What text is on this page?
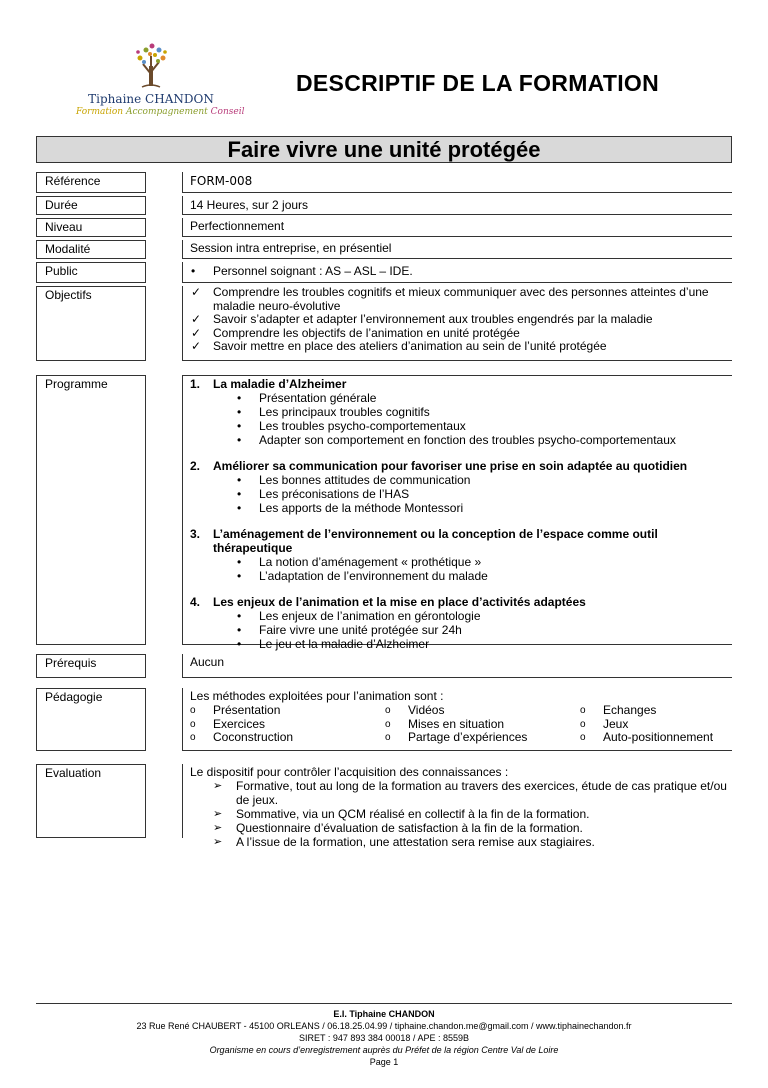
Tiphaine CHANDON
Formation Accompagnement Conseil
DESCRIPTIF DE LA FORMATION
Faire vivre une unité protégée
Référence	FORM-008
Durée	14 Heures, sur 2 jours
Niveau	Perfectionnement
Modalité	Session intra entreprise, en présentiel
Public	• Personnel soignant : AS – ASL – IDE.
Objectifs	✓ Comprendre les troubles cognitifs et mieux communiquer avec des personnes atteintes d’une maladie neuro-évolutive
✓ Savoir s’adapter et adapter l’environnement aux troubles engendrés par la maladie
✓ Comprendre les objectifs de l’animation en unité protégée
✓ Savoir mettre en place des ateliers d’animation au sein de l’unité protégée
Programme	1. La maladie d’Alzheimer
• Présentation générale
• Les principaux troubles cognitifs
• Les troubles psycho-comportementaux
• Adapter son comportement en fonction des troubles psycho-comportementaux
2. Améliorer sa communication pour favoriser une prise en soin adaptée au quotidien
• Les bonnes attitudes de communication
• Les préconisations de l’HAS
• Les apports de la méthode Montessori
3. L’aménagement de l’environnement ou la conception de l’espace comme outil thérapeutique
• La notion d’aménagement « prothétique »
• L’adaptation de l’environnement du malade
4. Les enjeux de l’animation et la mise en place d’activités adaptées
• Les enjeux de l’animation en gérontologie
• Faire vivre une unité protégée sur 24h
• Le jeu et la maladie d’Alzheimer
Prérequis	Aucun
Pédagogie	Les méthodes exploitées pour l’animation sont :
o Présentation	o Vidéos	o Echanges
o Exercices	o Mises en situation	o Jeux
o Coconstruction	o Partage d’expériences	o Auto-positionnement
Evaluation	Le dispositif pour contrôler l’acquisition des connaissances :
➢ Formative, tout au long de la formation au travers des exercices, étude de cas pratique et/ou de jeux.
➢ Sommative, via un QCM réalisé en collectif à la fin de la formation.
➢ Questionnaire d’évaluation de satisfaction à la fin de la formation.
➢ A l’issue de la formation, une attestation sera remise aux stagiaires.
E.I. Tiphaine CHANDON
23 Rue René CHAUBERT - 45100 ORLEANS / 06.18.25.04.99 / tiphaine.chandon.me@gmail.com / www.tiphainechandon.fr
SIRET : 947 893 384 00018 / APE : 8559B
Organisme en cours d’enregistrement auprès du Préfet de la région Centre Val de Loire
Page 1
